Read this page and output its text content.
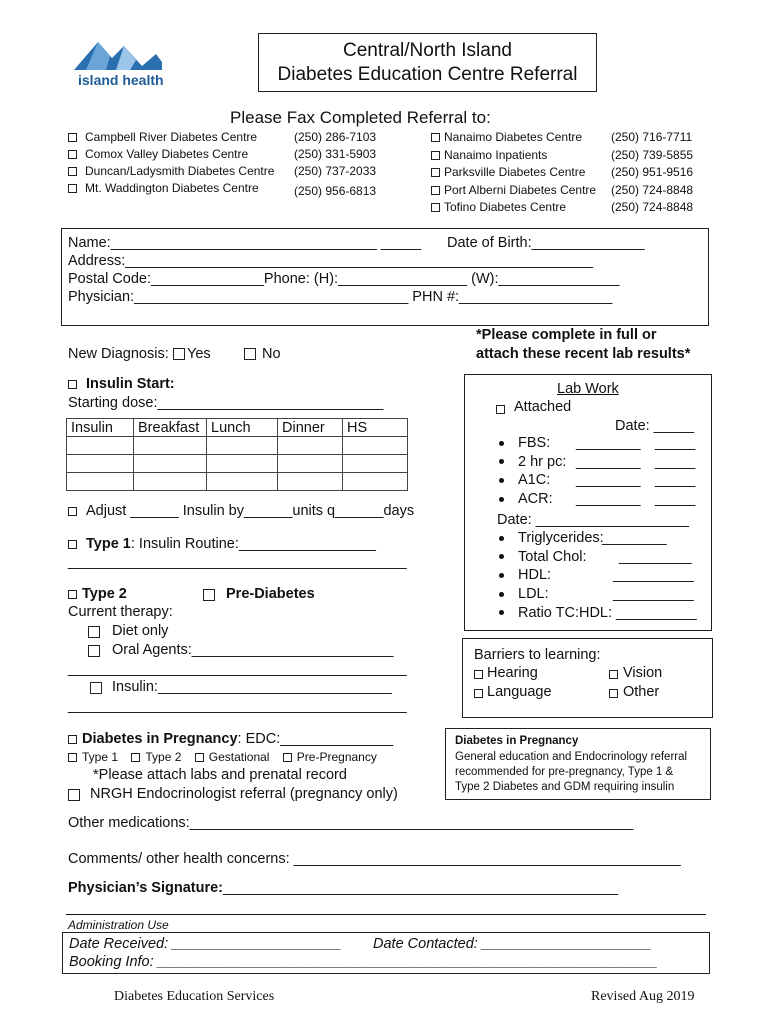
island health
Central/North Island
Diabetes Education Centre Referral
Please Fax Completed Referral to:
Campbell River Diabetes Centre	(250) 286-7103
Comox Valley Diabetes Centre	(250) 331-5903
Duncan/Ladysmith Diabetes Centre (250) 737-2033
Mt. Waddington Diabetes Centre	(250) 956-6813
Nanaimo Diabetes Centre (250) 716-7711
Nanaimo Inpatients	(250) 739-5855
Parksville Diabetes Centre (250) 951-9516
Port Alberni Diabetes Centre (250) 724-8848
Tofino Diabetes Centre	(250) 724-8848
Name:_________________________________ _____ Date of Birth:______________
Address:__________________________________________________________
Postal Code:______________Phone: (H):________________ (W):_______________
Physician:__________________________________ PHN #:___________________
New Diagnosis: Yes	No
*Please complete in full or
attach these recent lab results*
Insulin Start:
Starting dose:____________________________
Insulin	Breakfast	Lunch	Dinner	HS

Adjust ______ Insulin by______units q______days
Type 1: Insulin Routine:_________________
__________________________________________
Type 2	Pre-Diabetes
Current therapy:
Diet only
Oral Agents:_________________________
__________________________________________
Insulin:_____________________________
__________________________________________
Lab Work
Attached
Date: _____
FBS: ________ _____
2 hr pc: ________ _____
A1C: ________ _____
ACR: ________ _____
Date: ___________________
Triglycerides:
________
Total Chol: _________
HDL:	__________
LDL:	__________
Ratio TC:HDL: __________
Barriers to learning:
Hearing	Vision
Language	Other
Diabetes in Pregnancy: EDC:______________
Type 1 Type 2 Gestational Pre-Pregnancy
*Please attach labs and prenatal record
NRGH Endocrinologist referral (pregnancy only)
Diabetes in Pregnancy
General education and Endocrinology referral
recommended for pre-pregnancy, Type 1 &
Type 2 Diabetes and GDM requiring insulin
Other medications:_______________________________________________________
Comments/ other health concerns: ________________________________________________
Physician’s Signature:_________________________________________________
Administration Use
Date Received: _____________________ Date Contacted: _____________________
Booking Info: ______________________________________________________________
Diabetes Education Services	Revised Aug 2019
